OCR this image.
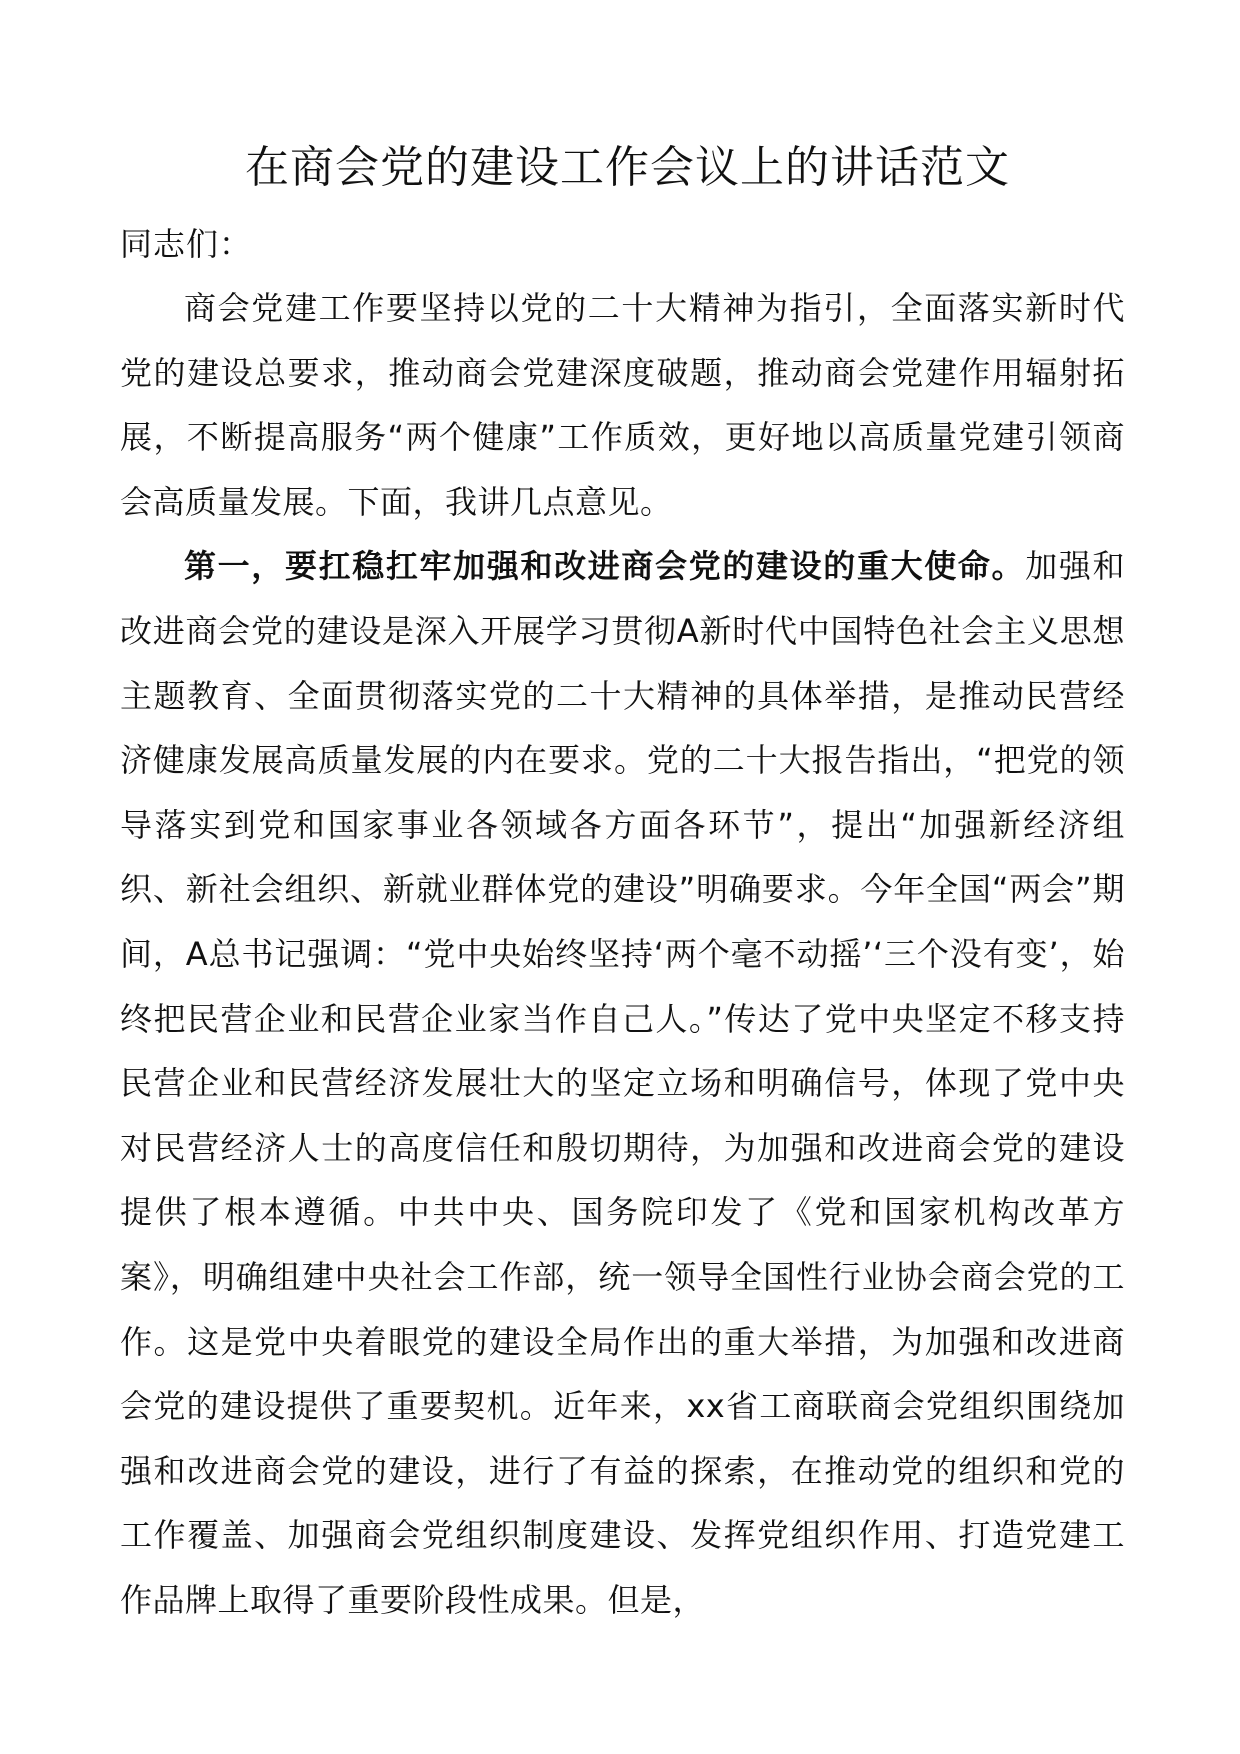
在商会党的建设工作会议上的讲话范文

同志们：

商会党建工作要坚持以党的二十大精神为指引，全面落实新时代党的建设总要求，推动商会党建深度破题，推动商会党建作用辐射拓展，不断提高服务“两个健康”工作质效，更好地以高质量党建引领商会高质量发展。下面，我讲几点意见。

第一，要扛稳扛牢加强和改进商会党的建设的重大使命。加强和改进商会党的建设是深入开展学习贯彻A新时代中国特色社会主义思想主题教育、全面贯彻落实党的二十大精神的具体举措，是推动民营经济健康发展高质量发展的内在要求。党的二十大报告指出，“把党的领导落实到党和国家事业各领域各方面各环节”，提出“加强新经济组织、新社会组织、新就业群体党的建设”明确要求。今年全国“两会”期间，A总书记强调：“党中央始终坚持‘两个毫不动摇’‘三个没有变’，始终把民营企业和民营企业家当作自己人。”传达了党中央坚定不移支持民营企业和民营经济发展壮大的坚定立场和明确信号，体现了党中央对民营经济人士的高度信任和殷切期待，为加强和改进商会党的建设提供了根本遵循。中共中央、国务院印发了《党和国家机构改革方案》，明确组建中央社会工作部，统一领导全国性行业协会商会党的工作。这是党中央着眼党的建设全局作出的重大举措，为加强和改进商会党的建设提供了重要契机。近年来，xx省工商联商会党组织围绕加强和改进商会党的建设，进行了有益的探索，在推动党的组织和党的工作覆盖、加强商会党组织制度建设、发挥党组织作用、打造党建工作品牌上取得了重要阶段性成果。但是，
